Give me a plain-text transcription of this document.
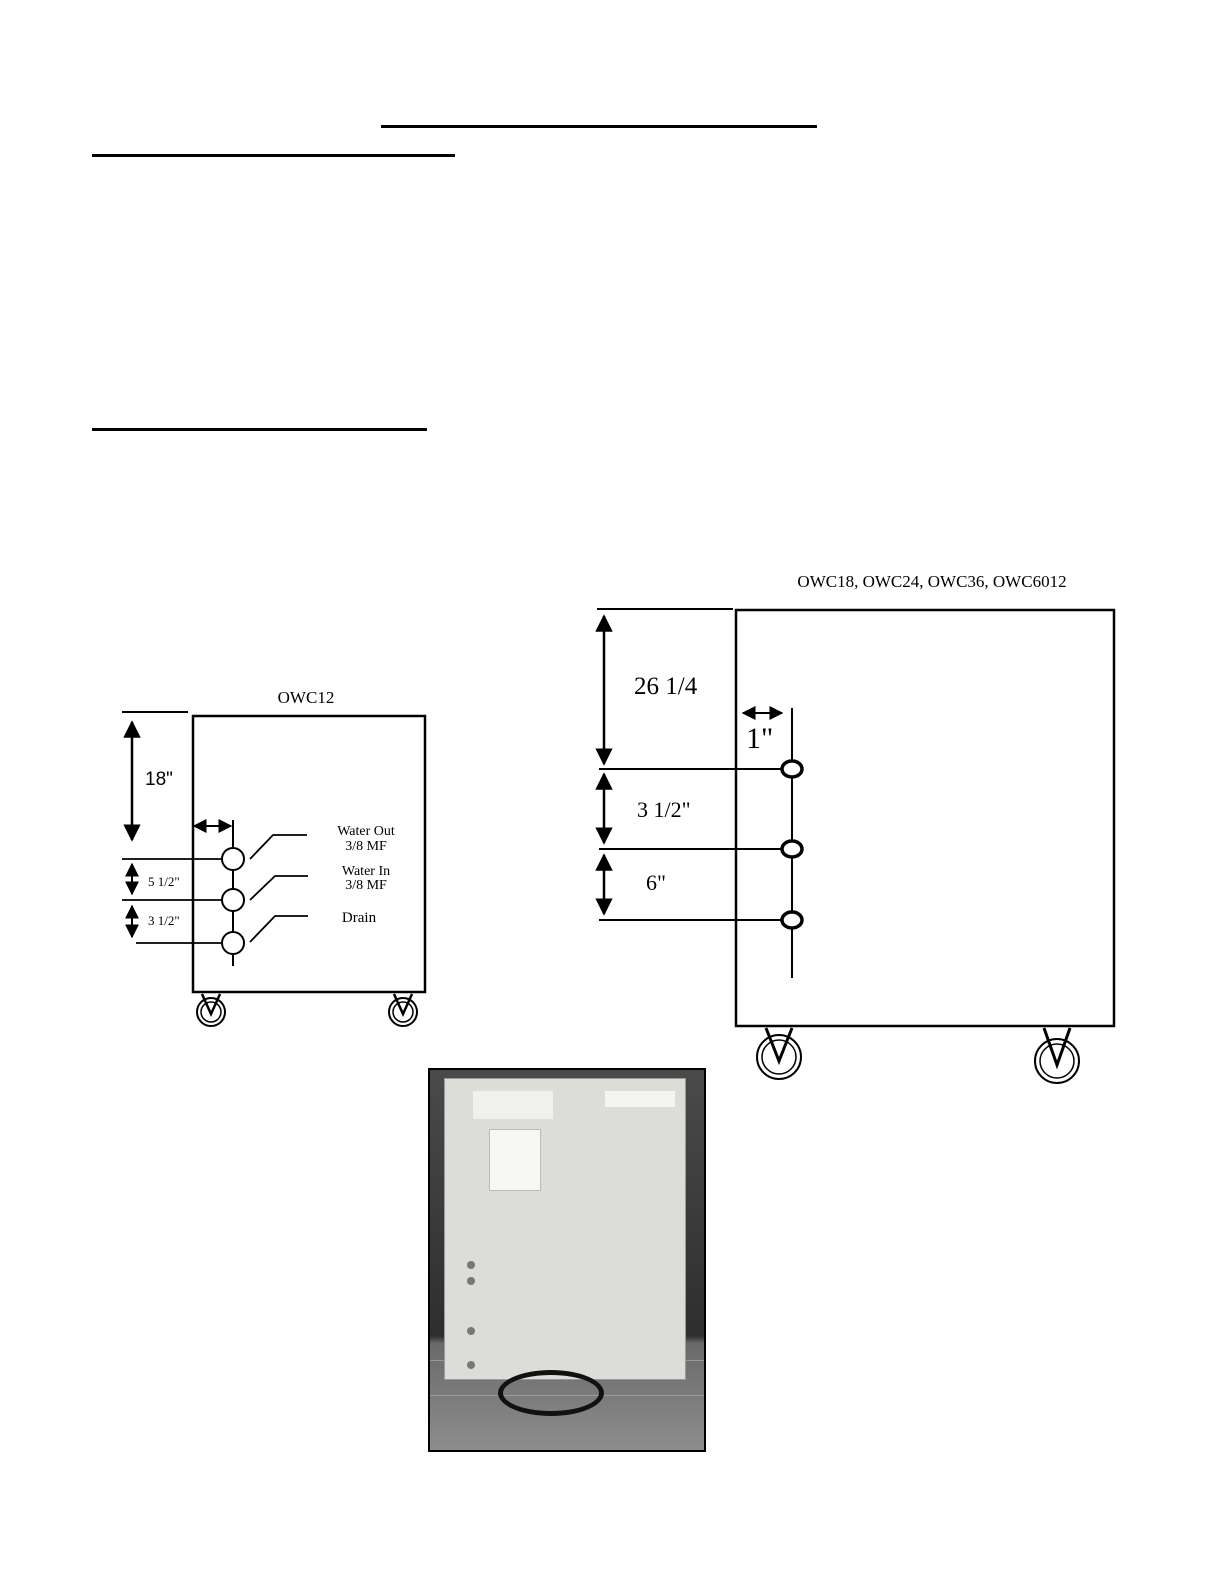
OWC12
18"
5 1/2"
3 1/2"
Water Out
3/8 MF
Water In
3/8 MF
Drain
OWC18, OWC24, OWC36, OWC6012
26 1/4
1"
3 1/2"
6"
